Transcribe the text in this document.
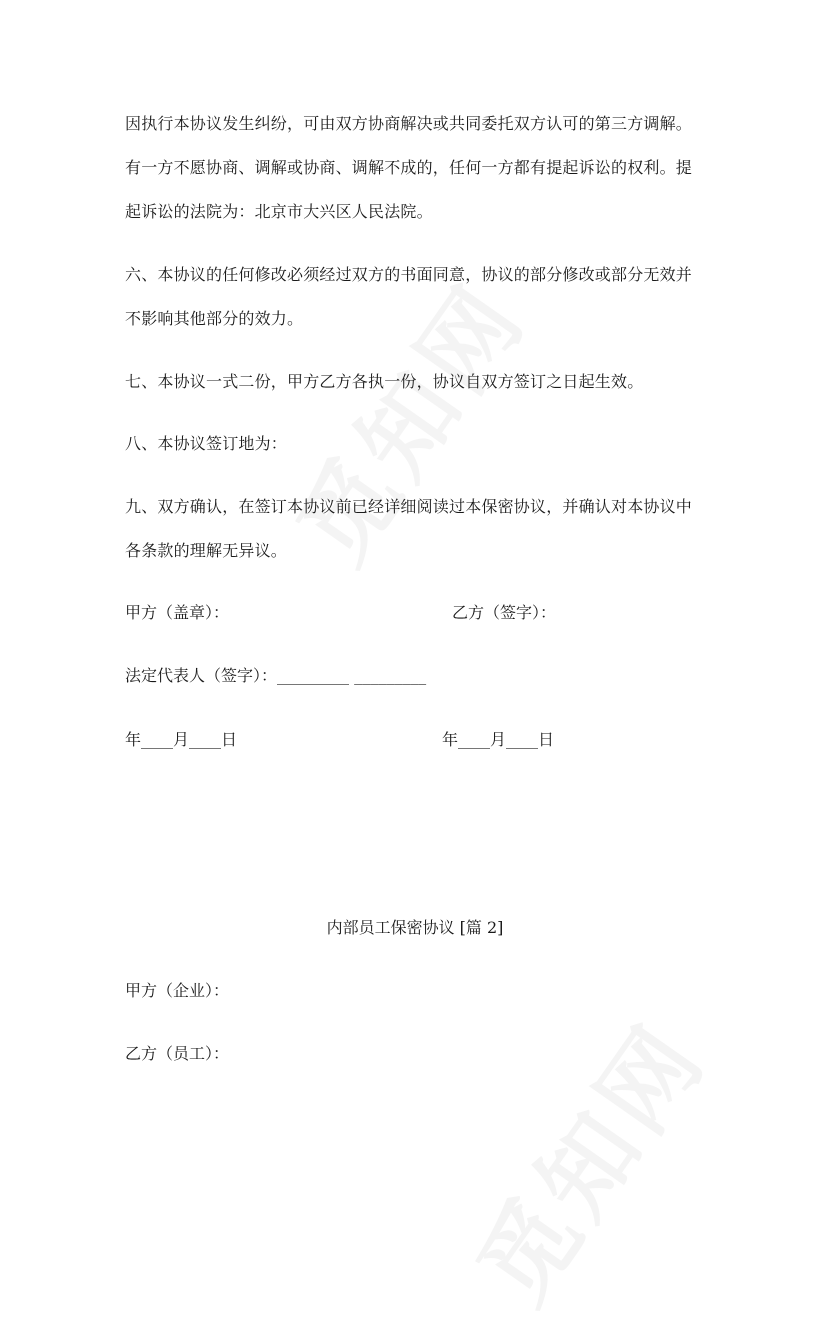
因执行本协议发生纠纷，可由双方协商解决或共同委托双方认可的第三方调解。
有一方不愿协商、调解或协商、调解不成的，任何一方都有提起诉讼的权利。提
起诉讼的法院为：北京市大兴区人民法院。
六、本协议的任何修改必须经过双方的书面同意，协议的部分修改或部分无效并
不影响其他部分的效力。
七、本协议一式二份，甲方乙方各执一份，协议自双方签订之日起生效。
八、本协议签订地为：
九、双方确认，在签订本协议前已经详细阅读过本保密协议，并确认对本协议中
各条款的理解无异议。
甲方（盖章）：	乙方（签字）：
法定代表人（签字）：_________ _________
年____月____日	年____月____日
内部员工保密协议 [篇 2]
甲方（企业）：
乙方（员工）：
